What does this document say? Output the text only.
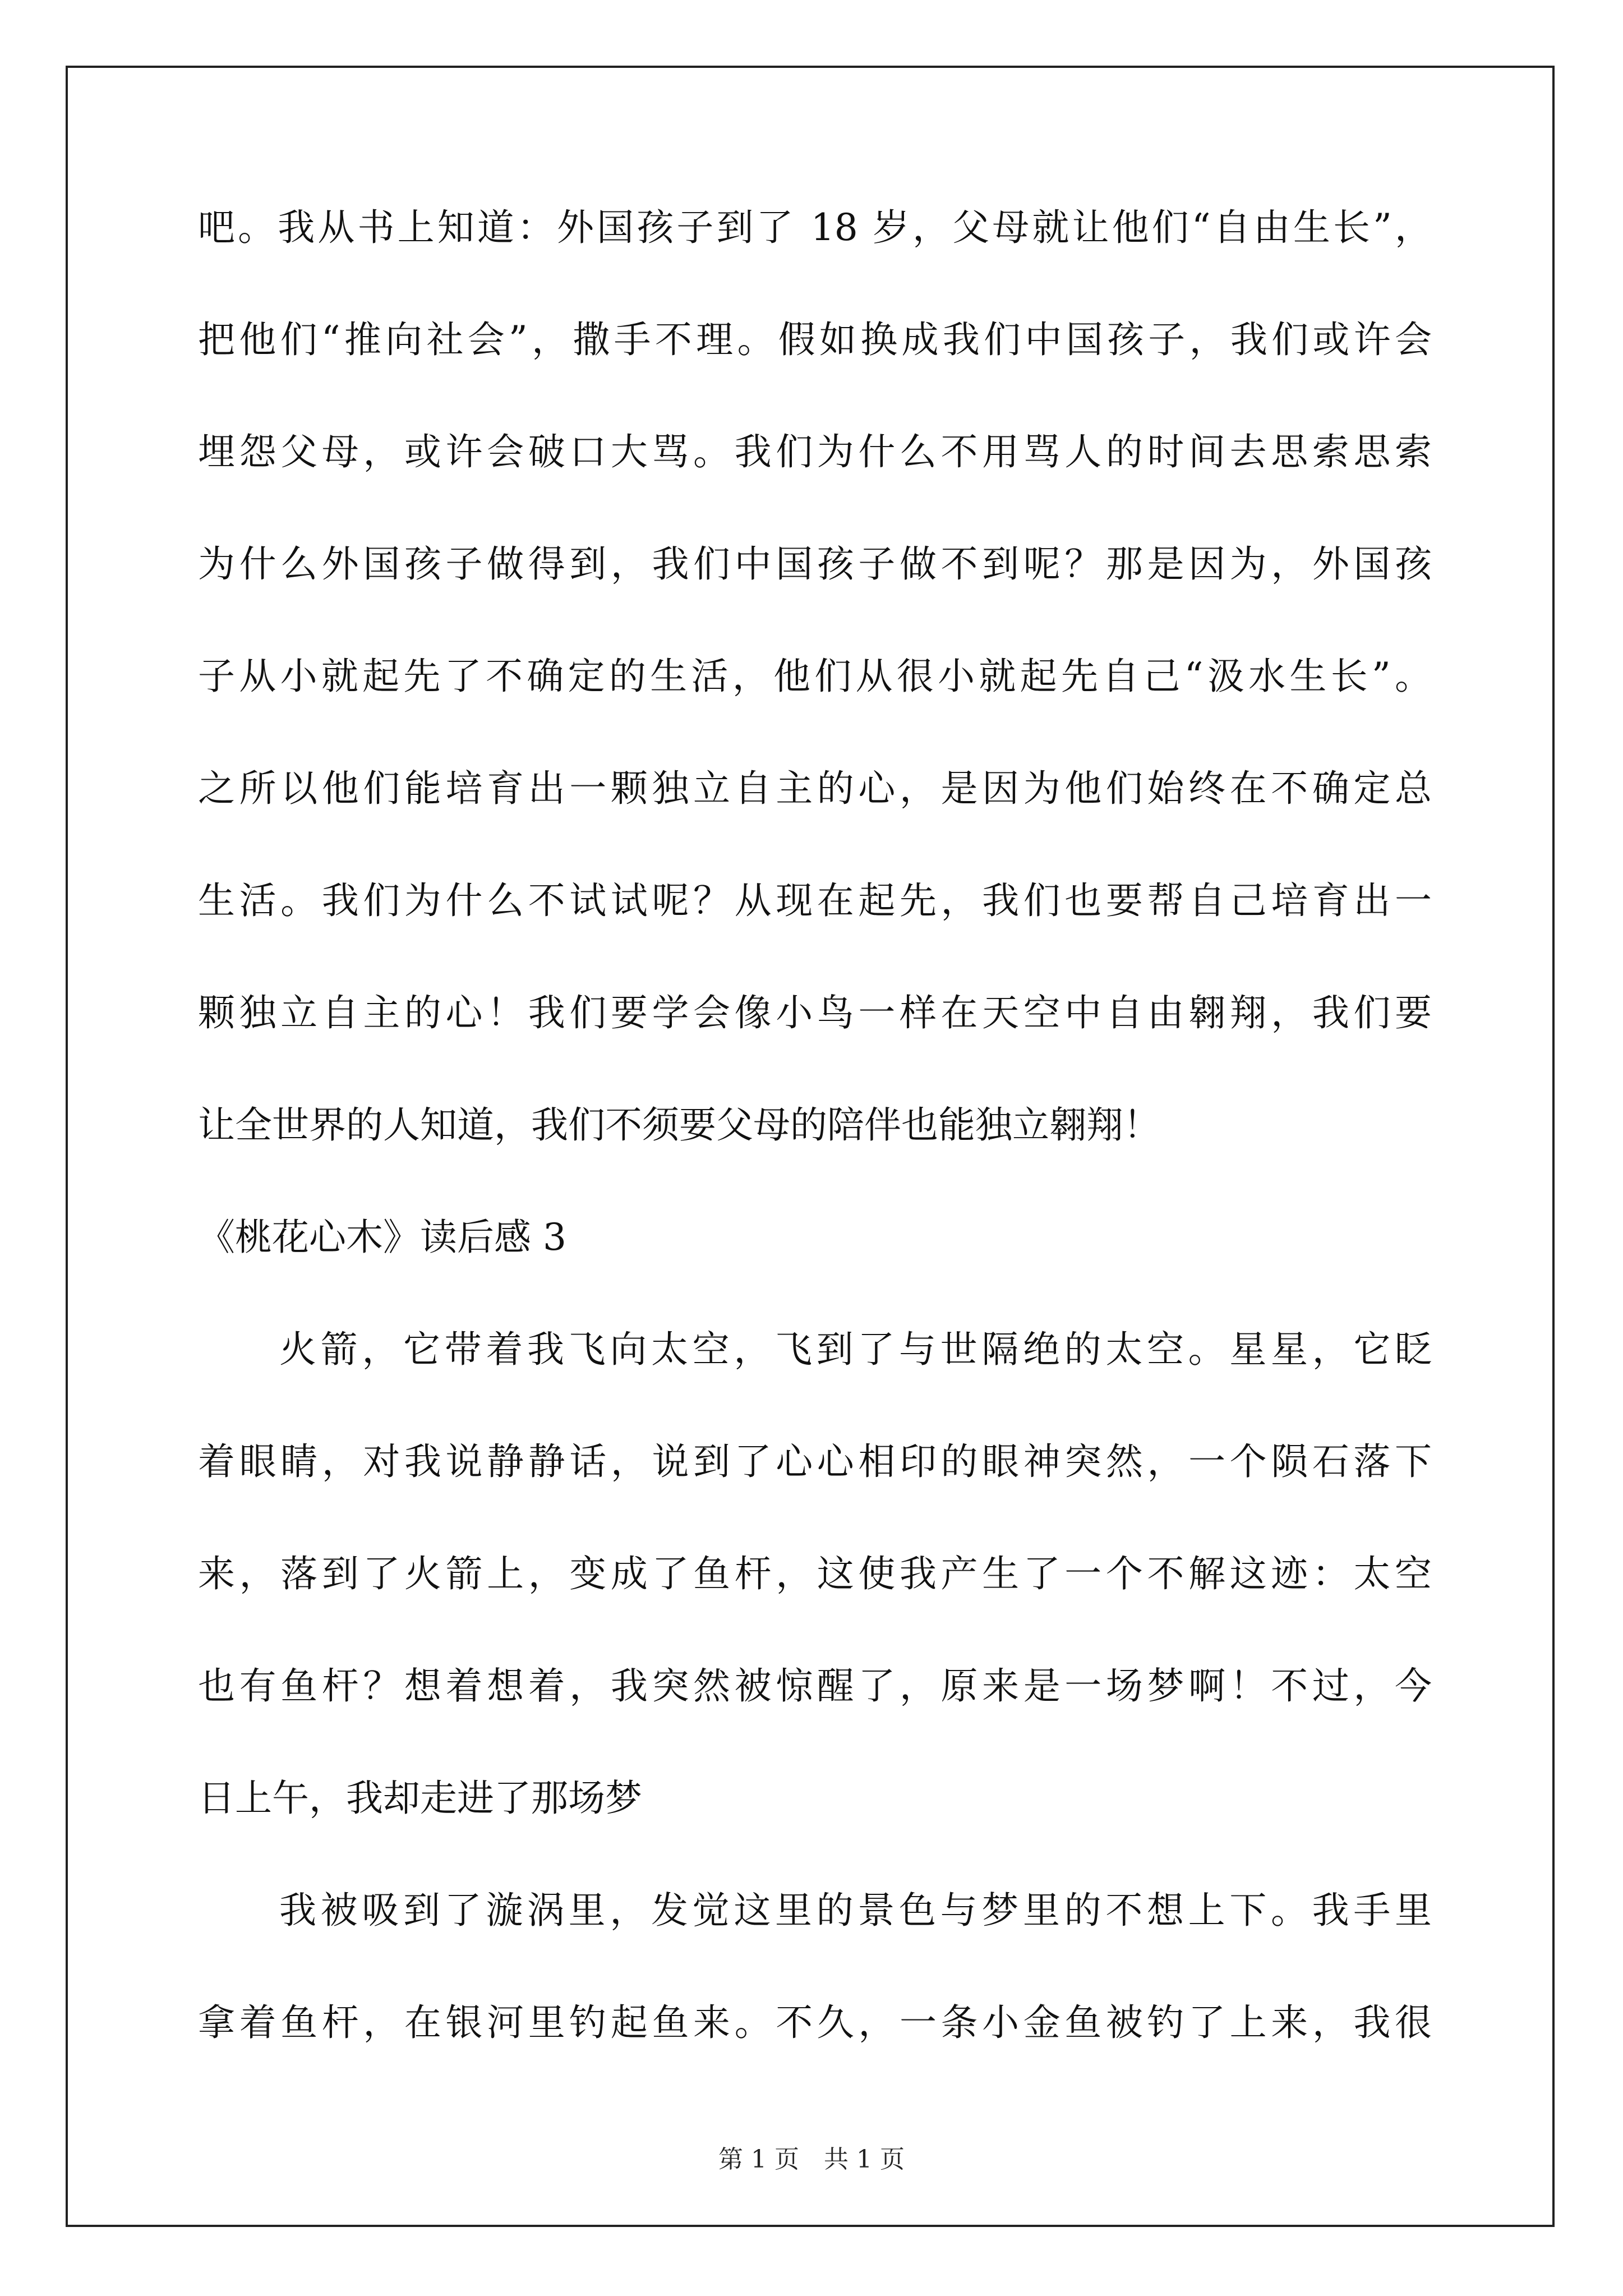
吧。我从书上知道：外国孩子到了 18 岁，父母就让他们“自由生长”，
把他们“推向社会”，撒手不理。假如换成我们中国孩子，我们或许会
埋怨父母，或许会破口大骂。我们为什么不用骂人的时间去思索思索
为什么外国孩子做得到，我们中国孩子做不到呢？那是因为，外国孩
子从小就起先了不确定的生活，他们从很小就起先自己“汲水生长”。
之所以他们能培育出一颗独立自主的心，是因为他们始终在不确定总
生活。我们为什么不试试呢？从现在起先，我们也要帮自己培育出一
颗独立自主的心！我们要学会像小鸟一样在天空中自由翱翔，我们要
让全世界的人知道，我们不须要父母的陪伴也能独立翱翔！
《桃花心木》读后感 3
火箭，它带着我飞向太空，飞到了与世隔绝的太空。星星，它眨
着眼睛，对我说静静话，说到了心心相印的眼神突然，一个陨石落下
来，落到了火箭上，变成了鱼杆，这使我产生了一个不解这迹：太空
也有鱼杆？想着想着，我突然被惊醒了，原来是一场梦啊！不过，今
日上午，我却走进了那场梦
我被吸到了漩涡里，发觉这里的景色与梦里的不想上下。我手里
拿着鱼杆，在银河里钓起鱼来。不久，一条小金鱼被钓了上来，我很
第 1 页　共 1 页
